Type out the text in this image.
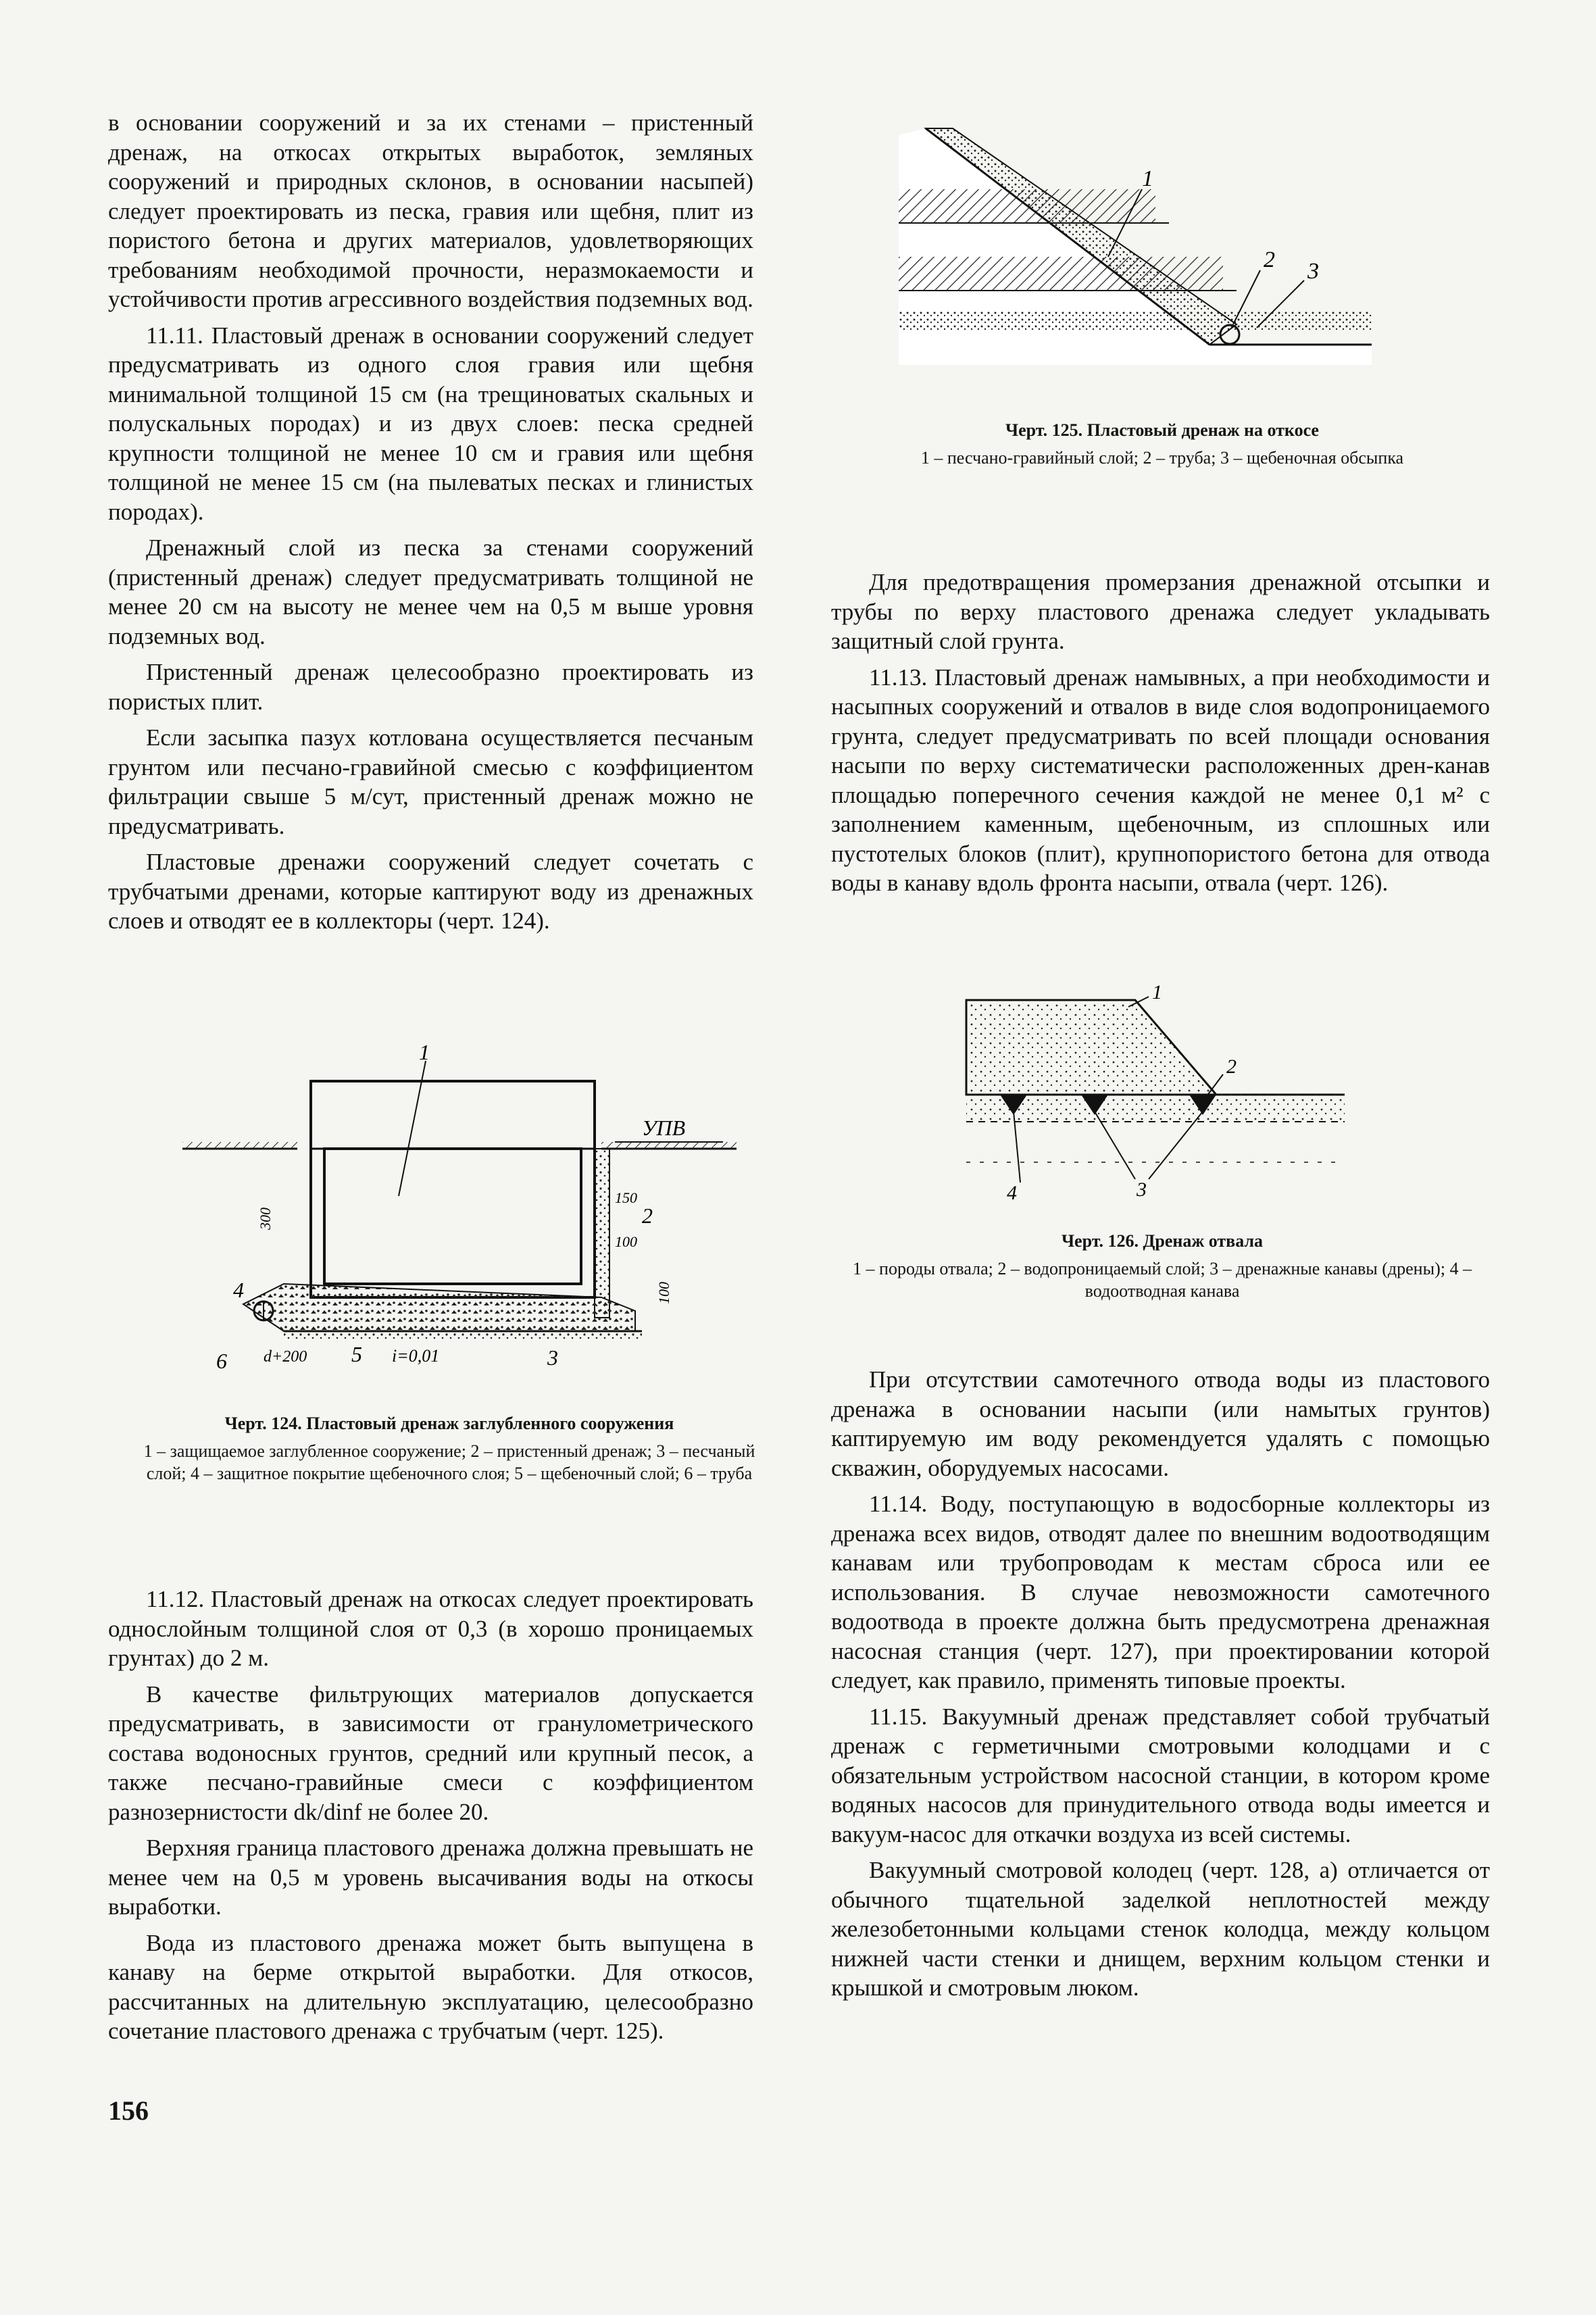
в основании сооружений и за их стенами – пристенный дренаж, на откосах открытых выработок, земляных сооружений и природных склонов, в основании насыпей) следует проектировать из песка, гравия или щебня, плит из пористого бетона и других материалов, удовлетворяющих требованиям необходимой прочности, неразмокаемости и устойчивости против агрессивного воздействия подземных вод.

11.11. Пластовый дренаж в основании сооружений следует предусматривать из одного слоя гравия или щебня минимальной толщиной 15 см (на трещиноватых скальных и полускальных породах) и из двух слоев: песка средней крупности толщиной не менее 10 см и гравия или щебня толщиной не менее 15 см (на пылеватых песках и глинистых породах).

Дренажный слой из песка за стенами сооружений (пристенный дренаж) следует предусматривать толщиной не менее 20 см на высоту не менее чем на 0,5 м выше уровня подземных вод.

Пристенный дренаж целесообразно проектировать из пористых плит.

Если засыпка пазух котлована осуществляется песчаным грунтом или песчано-гравийной смесью с коэффициентом фильтрации свыше 5 м/сут, пристенный дренаж можно не предусматривать.

Пластовые дренажи сооружений следует сочетать с трубчатыми дренами, которые каптируют воду из дренажных слоев и отводят ее в коллекторы (черт. 124).

УПВ
1
2
3
4
5
6
150
100
300
100
d+200	i=0,01
Черт. 124. Пластовый дренаж заглубленного сооружения
1 – защищаемое заглубленное сооружение; 2 – пристенный дренаж; 3 – песчаный слой; 4 – защитное покрытие щебеночного слоя; 5 – щебеночный слой; 6 – труба

11.12. Пластовый дренаж на откосах следует проектировать однослойным толщиной слоя от 0,3 (в хорошо проницаемых грунтах) до 2 м.

В качестве фильтрующих материалов допускается предусматривать, в зависимости от гранулометрического состава водоносных грунтов, средний или крупный песок, а также песчано-гравийные смеси с коэффициентом разнозернистости dk/dinf не более 20.

Верхняя граница пластового дренажа должна превышать не менее чем на 0,5 м уровень высачивания воды на откосы выработки.

Вода из пластового дренажа может быть выпущена в канаву на берме открытой выработки. Для откосов, рассчитанных на длительную эксплуатацию, целесообразно сочетание пластового дренажа с трубчатым (черт. 125).

1
2 3
Черт. 125. Пластовый дренаж на откосе
1 – песчано-гравийный слой; 2 – труба; 3 – щебеночная обсыпка

Для предотвращения промерзания дренажной отсыпки и трубы по верху пластового дренажа следует укладывать защитный слой грунта.

11.13. Пластовый дренаж намывных, а при необходимости и насыпных сооружений и отвалов в виде слоя водопроницаемого грунта, следует предусматривать по всей площади основания насыпи по верху систематически расположенных дрен-канав площадью поперечного сечения каждой не менее 0,1 м² с заполнением каменным, щебеночным, из сплошных или пустотелых блоков (плит), крупнопористого бетона для отвода воды в канаву вдоль фронта насыпи, отвала (черт. 126).

1
2
3
4
Черт. 126. Дренаж отвала
1 – породы отвала; 2 – водопроницаемый слой; 3 – дренажные канавы (дрены); 4 – водоотводная канава

При отсутствии самотечного отвода воды из пластового дренажа в основании насыпи (или намытых грунтов) каптируемую им воду рекомендуется удалять с помощью скважин, оборудуемых насосами.

11.14. Воду, поступающую в водосборные коллекторы из дренажа всех видов, отводят далее по внешним водоотводящим канавам или трубопроводам к местам сброса или ее использования. В случае невозможности самотечного водоотвода в проекте должна быть предусмотрена дренажная насосная станция (черт. 127), при проектировании которой следует, как правило, применять типовые проекты.

11.15. Вакуумный дренаж представляет собой трубчатый дренаж с герметичными смотровыми колодцами и с обязательным устройством насосной станции, в котором кроме водяных насосов для принудительного отвода воды имеется и вакуум-насос для откачки воздуха из всей системы.

Вакуумный смотровой колодец (черт. 128, а) отличается от обычного тщательной заделкой неплотностей между железобетонными кольцами стенок колодца, между кольцом нижней части стенки и днищем, верхним кольцом стенки и крышкой и смотровым люком.

156
